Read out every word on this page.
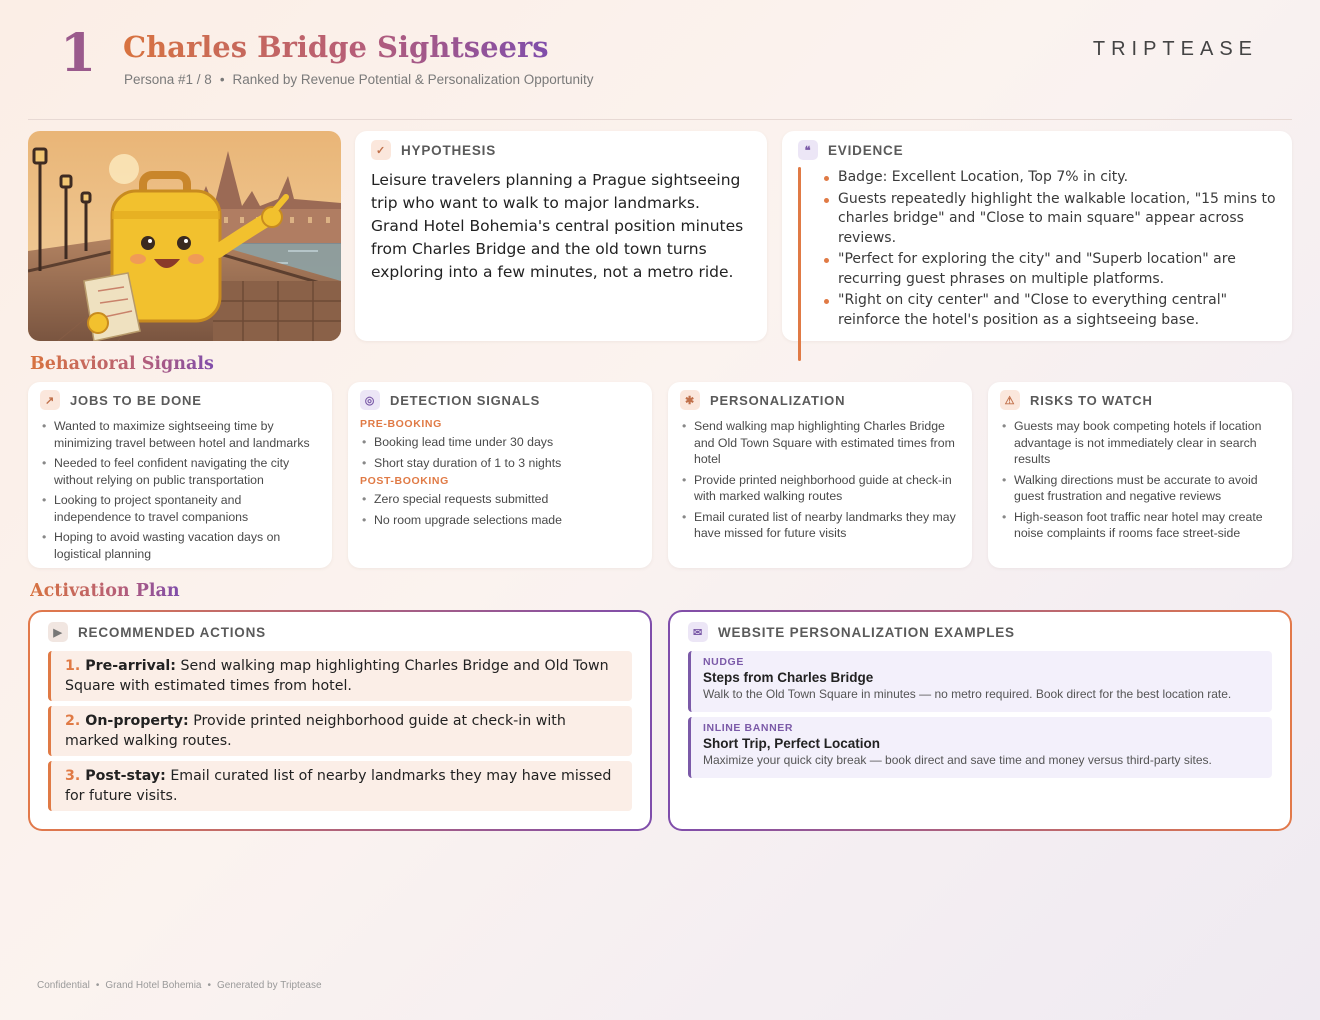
1 Charles Bridge Sightseers
Persona #1 / 8 • Ranked by Revenue Potential & Personalization Opportunity
TRIPTEASE
✓	HYPOTHESIS

Leisure travelers planning a Prague sightseeing trip who want to walk to major landmarks. Grand Hotel Bohemia's central position minutes from Charles Bridge and the old town turns exploring into a few minutes, not a metro ride.

❝	EVIDENCE
Badge: Excellent Location, Top 7% in city.
Guests repeatedly highlight the walkable location, "15 mins to charles bridge" and "Close to main square" appear across reviews.
"Perfect for exploring the city" and "Superb location" are recurring guest phrases on multiple platforms.
"Right on city center" and "Close to everything central" reinforce the hotel's position as a sightseeing base.
Behavioral Signals
↗	JOBS TO BE DONE
• Wanted to maximize sightseeing time by minimizing travel between hotel and landmarks
• Needed to feel confident navigating the city without relying on public transportation
• Looking to project spontaneity and independence to travel companions
• Hoping to avoid wasting vacation days on logistical planning
◎	DETECTION SIGNALS
PRE-BOOKING
• Booking lead time under 30 days
• Short stay duration of 1 to 3 nights
POST-BOOKING
• Zero special requests submitted
• No room upgrade selections made
✱	PERSONALIZATION
• Send walking map highlighting Charles Bridge and Old Town Square with estimated times from hotel
• Provide printed neighborhood guide at check-in with marked walking routes
• Email curated list of nearby landmarks they may have missed for future visits
⚠	RISKS TO WATCH
• Guests may book competing hotels if location advantage is not immediately clear in search results
• Walking directions must be accurate to avoid guest frustration and negative reviews
• High-season foot traffic near hotel may create noise complaints if rooms face street-side
Activation Plan
▶	RECOMMENDED ACTIONS
1. Pre-arrival: Send walking map highlighting Charles Bridge and Old Town Square with estimated times from hotel.
2. On-property: Provide printed neighborhood guide at check-in with marked walking routes.
3. Post-stay: Email curated list of nearby landmarks they may have missed for future visits.
✉	WEBSITE PERSONALIZATION EXAMPLES
NUDGE
Steps from Charles Bridge
Walk to the Old Town Square in minutes — no metro required. Book direct for the best location rate.
INLINE BANNER
Short Trip, Perfect Location
Maximize your quick city break — book direct and save time and money versus third-party sites.
Confidential • Grand Hotel Bohemia • Generated by Triptease
